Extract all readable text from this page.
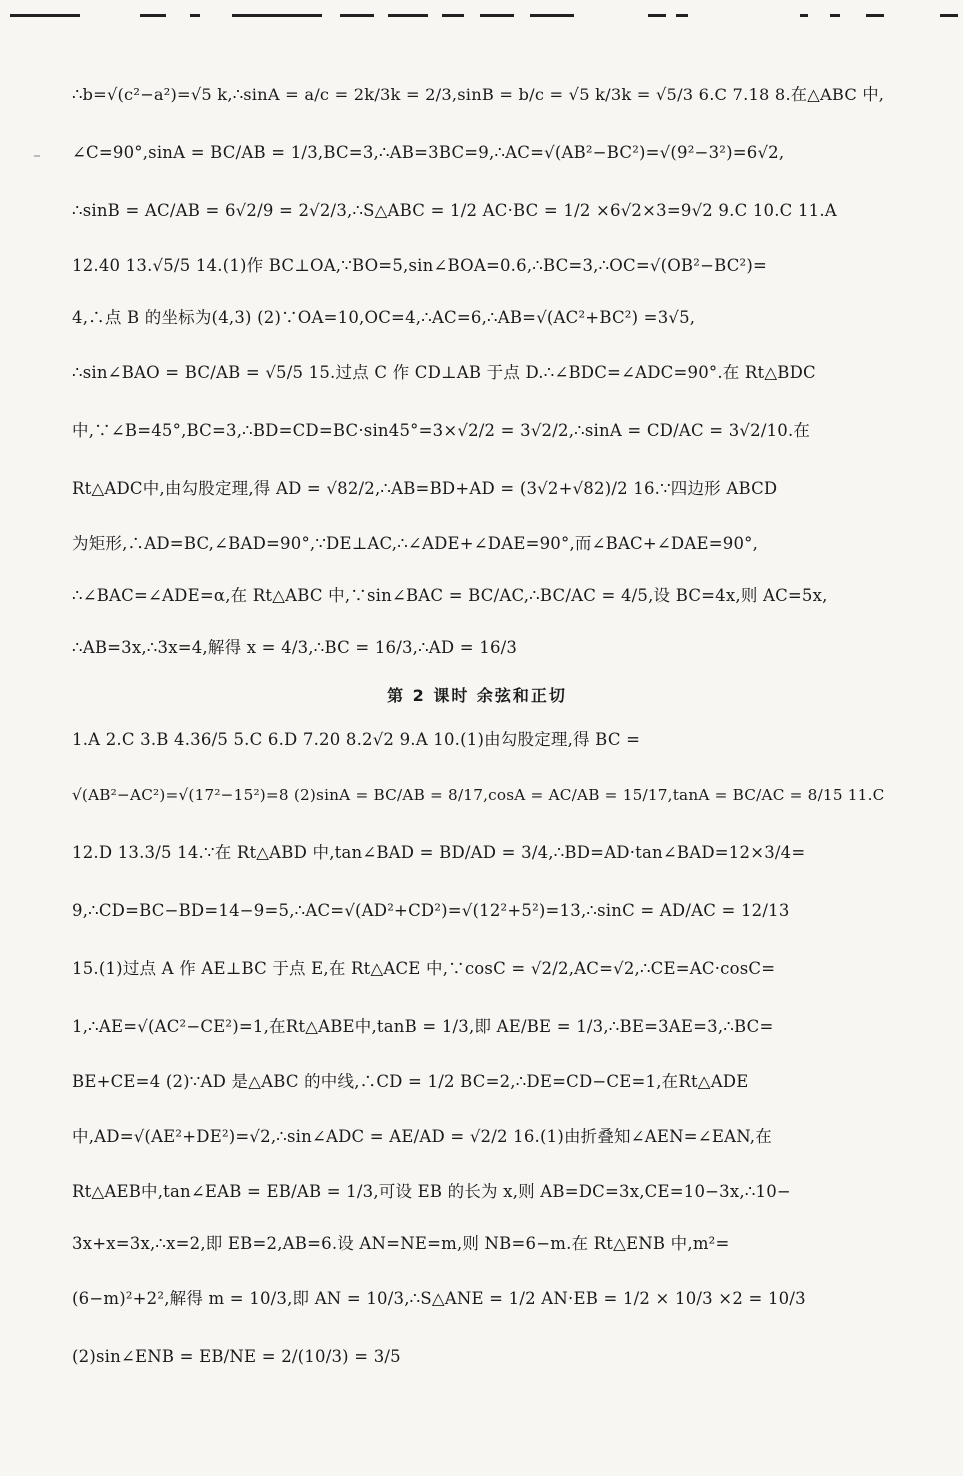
∴b=√(c²−a²)=√5 k,∴sinA = a/c = 2k/3k = 2/3,sinB = b/c = √5 k/3k = √5/3 6.C 7.18 8.在△ABC 中,
∠C=90°,sinA = BC/AB = 1/3,BC=3,∴AB=3BC=9,∴AC=√(AB²−BC²)=√(9²−3²)=6√2,
∴sinB = AC/AB = 6√2/9 = 2√2/3,∴S△ABC = 1/2 AC·BC = 1/2 ×6√2×3=9√2 9.C 10.C 11.A
12.40 13.√5/5 14.(1)作 BC⊥OA,∵BO=5,sin∠BOA=0.6,∴BC=3,∴OC=√(OB²−BC²)=
4,∴点 B 的坐标为(4,3) (2)∵OA=10,OC=4,∴AC=6,∴AB=√(AC²+BC²) =3√5,
∴sin∠BAO = BC/AB = √5/5 15.过点 C 作 CD⊥AB 于点 D.∴∠BDC=∠ADC=90°.在 Rt△BDC
中,∵∠B=45°,BC=3,∴BD=CD=BC·sin45°=3×√2/2 = 3√2/2,∴sinA = CD/AC = 3√2/10.在
Rt△ADC中,由勾股定理,得 AD = √82/2,∴AB=BD+AD = (3√2+√82)/2 16.∵四边形 ABCD
为矩形,∴AD=BC,∠BAD=90°,∵DE⊥AC,∴∠ADE+∠DAE=90°,而∠BAC+∠DAE=90°,
∴∠BAC=∠ADE=α,在 Rt△ABC 中,∵sin∠BAC = BC/AC,∴BC/AC = 4/5,设 BC=4x,则 AC=5x,
∴AB=3x,∴3x=4,解得 x = 4/3,∴BC = 16/3,∴AD = 16/3
第 2 课时 余弦和正切
1.A 2.C 3.B 4.36/5 5.C 6.D 7.20 8.2√2 9.A 10.(1)由勾股定理,得 BC =
√(AB²−AC²)=√(17²−15²)=8 (2)sinA = BC/AB = 8/17,cosA = AC/AB = 15/17,tanA = BC/AC = 8/15 11.C
12.D 13.3/5 14.∵在 Rt△ABD 中,tan∠BAD = BD/AD = 3/4,∴BD=AD·tan∠BAD=12×3/4=
9,∴CD=BC−BD=14−9=5,∴AC=√(AD²+CD²)=√(12²+5²)=13,∴sinC = AD/AC = 12/13
15.(1)过点 A 作 AE⊥BC 于点 E,在 Rt△ACE 中,∵cosC = √2/2,AC=√2,∴CE=AC·cosC=
1,∴AE=√(AC²−CE²)=1,在Rt△ABE中,tanB = 1/3,即 AE/BE = 1/3,∴BE=3AE=3,∴BC=
BE+CE=4 (2)∵AD 是△ABC 的中线,∴CD = 1/2 BC=2,∴DE=CD−CE=1,在Rt△ADE
中,AD=√(AE²+DE²)=√2,∴sin∠ADC = AE/AD = √2/2 16.(1)由折叠知∠AEN=∠EAN,在
Rt△AEB中,tan∠EAB = EB/AB = 1/3,可设 EB 的长为 x,则 AB=DC=3x,CE=10−3x,∴10−
3x+x=3x,∴x=2,即 EB=2,AB=6.设 AN=NE=m,则 NB=6−m.在 Rt△ENB 中,m²=
(6−m)²+2²,解得 m = 10/3,即 AN = 10/3,∴S△ANE = 1/2 AN·EB = 1/2 × 10/3 ×2 = 10/3
(2)sin∠ENB = EB/NE = 2/(10/3) = 3/5
